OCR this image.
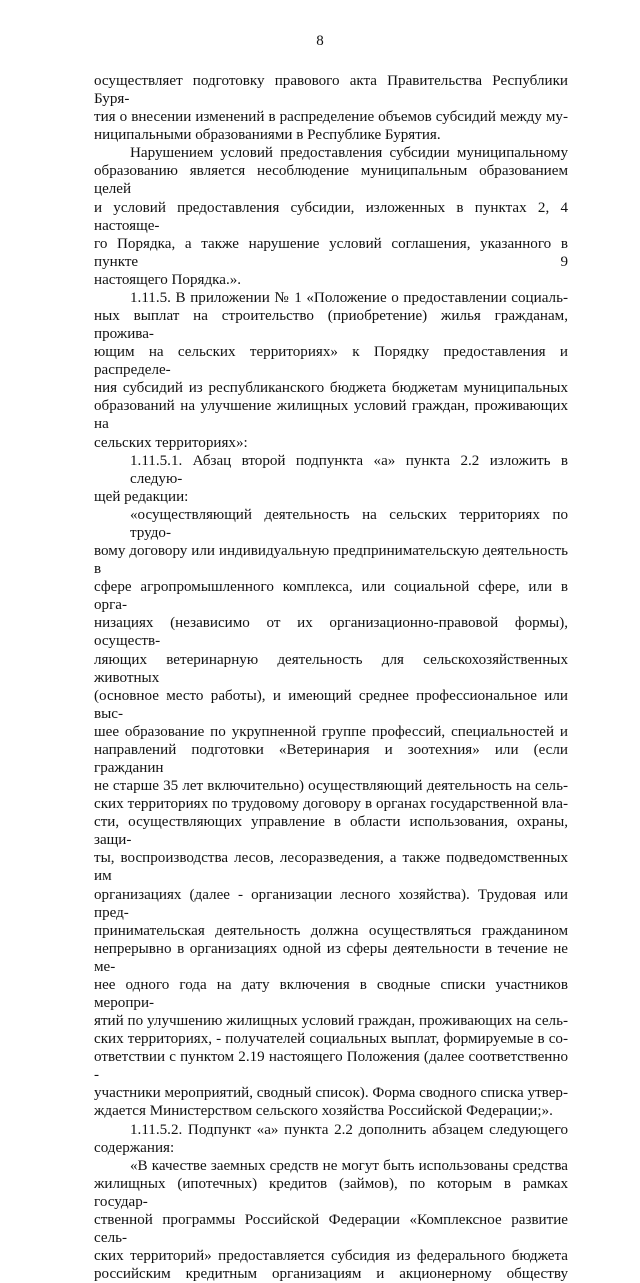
8
осуществляет подготовку правового акта Правительства Республики Буря-
тия о внесении изменений в распределение объемов субсидий между му-
ниципальными образованиями в Республике Бурятия.
Нарушением условий предоставления субсидии муниципальному
образованию является несоблюдение муниципальным образованием целей
и условий предоставления субсидии, изложенных в пунктах 2, 4 настояще-
го Порядка, а также нарушение условий соглашения, указанного в пункте 9
настоящего Порядка.».
1.11.5. В приложении № 1 «Положение о предоставлении социаль-
ных выплат на строительство (приобретение) жилья гражданам, прожива-
ющим на сельских территориях» к Порядку предоставления и распределе-
ния субсидий из республиканского бюджета бюджетам муниципальных
образований на улучшение жилищных условий граждан, проживающих на
сельских территориях»:
1.11.5.1. Абзац второй подпункта «а» пункта 2.2 изложить в следую-
щей редакции:
«осуществляющий деятельность на сельских территориях по трудо-
вому договору или индивидуальную предпринимательскую деятельность в
сфере агропромышленного комплекса, или социальной сфере, или в орга-
низациях (независимо от их организационно-правовой формы), осуществ-
ляющих ветеринарную деятельность для сельскохозяйственных животных
(основное место работы), и имеющий среднее профессиональное или выс-
шее образование по укрупненной группе профессий, специальностей и
направлений подготовки «Ветеринария и зоотехния» или (если гражданин
не старше 35 лет включительно) осуществляющий деятельность на сель-
ских территориях по трудовому договору в органах государственной вла-
сти, осуществляющих управление в области использования, охраны, защи-
ты, воспроизводства лесов, лесоразведения, а также подведомственных им
организациях (далее - организации лесного хозяйства). Трудовая или пред-
принимательская деятельность должна осуществляться гражданином
непрерывно в организациях одной из сферы деятельности в течение не ме-
нее одного года на дату включения в сводные списки участников меропри-
ятий по улучшению жилищных условий граждан, проживающих на сель-
ских территориях, - получателей социальных выплат, формируемые в со-
ответствии с пунктом 2.19 настоящего Положения (далее соответственно -
участники мероприятий, сводный список). Форма сводного списка утвер-
ждается Министерством сельского хозяйства Российской Федерации;».
1.11.5.2. Подпункт «а» пункта 2.2 дополнить абзацем следующего
содержания:
«В качестве заемных средств не могут быть использованы средства
жилищных (ипотечных) кредитов (займов), по которым в рамках государ-
ственной программы Российской Федерации «Комплексное развитие сель-
ских территорий» предоставляется субсидия из федерального бюджета
российским кредитным организациям и акционерному обществу
